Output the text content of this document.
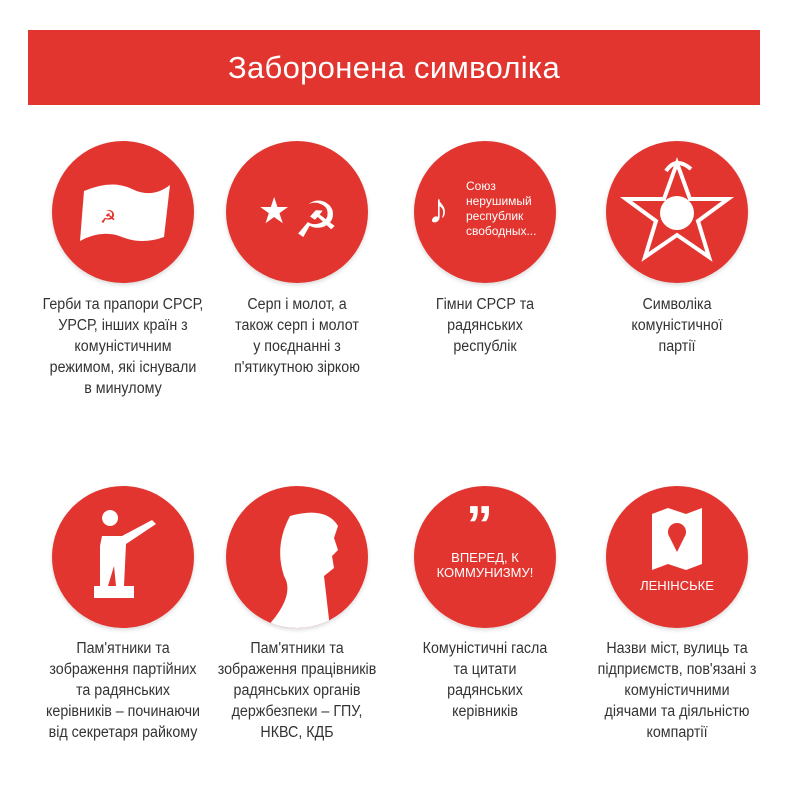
Заборонена символіка
☭
Герби та прапори СРСР,
УРСР, інших країн з
комуністичним
режимом, які існували
в минулому
★ ☭
Серп і молот, а
також серп і молот
у поєднанні з
п'ятикутною зіркою
♪ Союз
нерушимый
республик
свободных...
Гімни СРСР та
радянських
республік
Символіка
комуністичної
партії
Пам'ятники та
зображення партійних
та радянських
керівників – починаючи
від секретаря райкому
Пам'ятники та
зображення працівників
радянських органів
держбезпеки – ГПУ,
НКВС, КДБ
”
ВПЕРЕД, К
КОММУНИЗМУ!
Комуністичні гасла
та цитати
радянських
керівників
ЛЕНІНСЬКЕ
Назви міст, вулиць та
підприємств, пов'язані з
комуністичними
діячами та діяльністю
компартії
